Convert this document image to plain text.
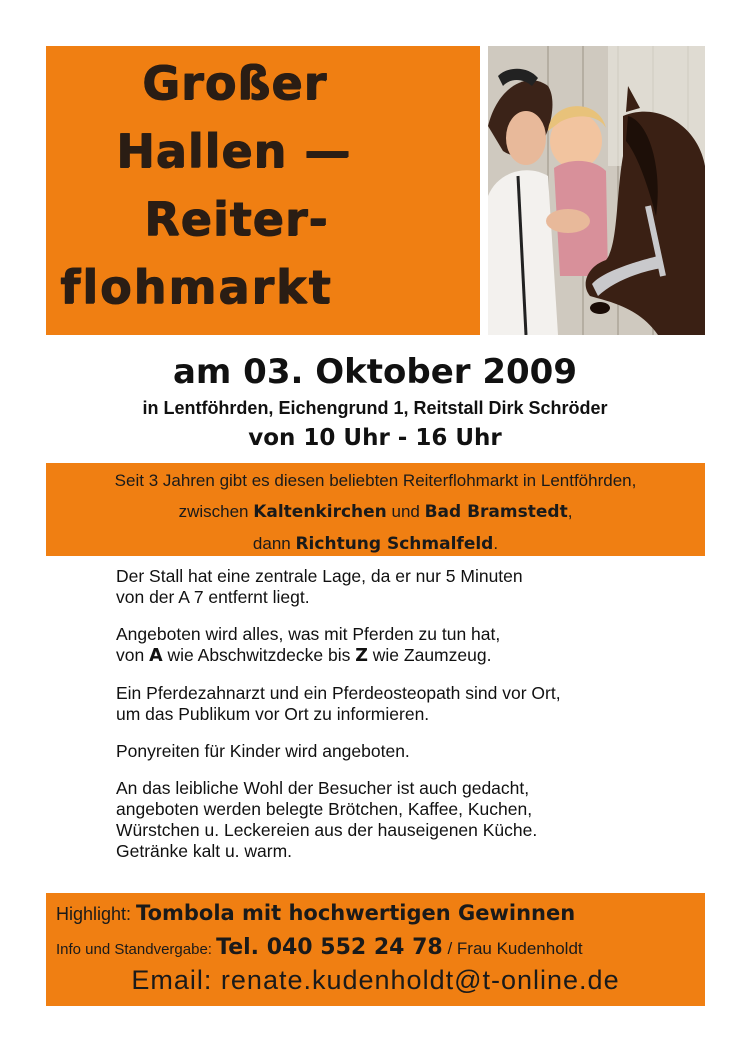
Großer

Hallen —

Reiter-

flohmarkt

am 03. Oktober 2009

in Lentföhrden, Eichengrund 1, Reitstall Dirk Schröder

von 10 Uhr - 16 Uhr

Seit 3 Jahren gibt es diesen beliebten Reiterflohmarkt in Lentföhrden,

zwischen Kaltenkirchen und Bad Bramstedt,

dann Richtung Schmalfeld.

Der Stall hat eine zentrale Lage, da er nur 5 Minuten
von der A 7 entfernt liegt.

Angeboten wird alles, was mit Pferden zu tun hat,
von A wie Abschwitzdecke bis Z wie Zaumzeug.

Ein Pferdezahnarzt und ein Pferdeosteopath sind vor Ort,
um das Publikum vor Ort zu informieren.

Ponyreiten für Kinder wird angeboten.

An das leibliche Wohl der Besucher ist auch gedacht,
angeboten werden belegte Brötchen, Kaffee, Kuchen,
Würstchen u. Leckereien aus der hauseigenen Küche.
Getränke kalt u. warm.

Highlight: Tombola mit hochwertigen Gewinnen
Info und Standvergabe: Tel. 040 552 24 78 / Frau Kudenholdt
Email: renate.kudenholdt@t-online.de
